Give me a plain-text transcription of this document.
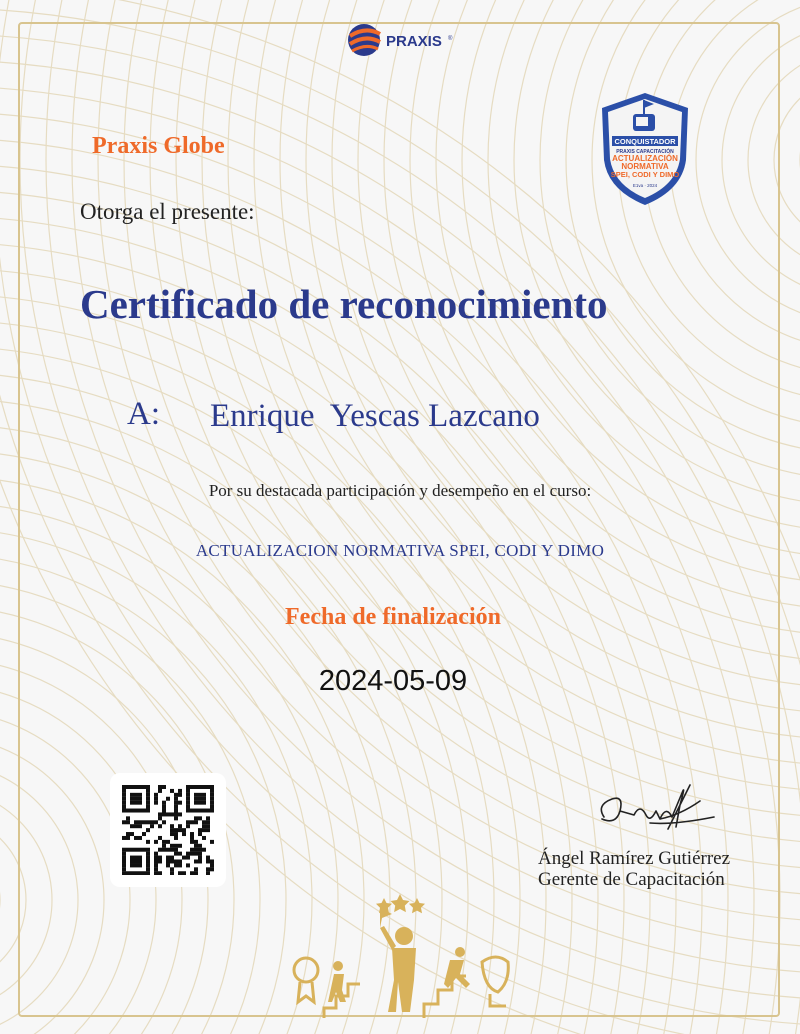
PRAXIS ®
Praxis Globe
Otorga el presente:
Certificado de reconocimiento
A: Enrique  Yescas Lazcano
Por su destacada participación y desempeño en el curso:
ACTUALIZACION NORMATIVA SPEI, CODI Y DIMO
Fecha de finalización
2024-05-09
CONQUISTADOR
PRAXIS CAPACITACIÓN
ACTUALIZACIÓN
NORMATIVA
SPEI, CODI Y DIMO
E1va · 2024
Ángel Ramírez Gutiérrez
Gerente de Capacitación
